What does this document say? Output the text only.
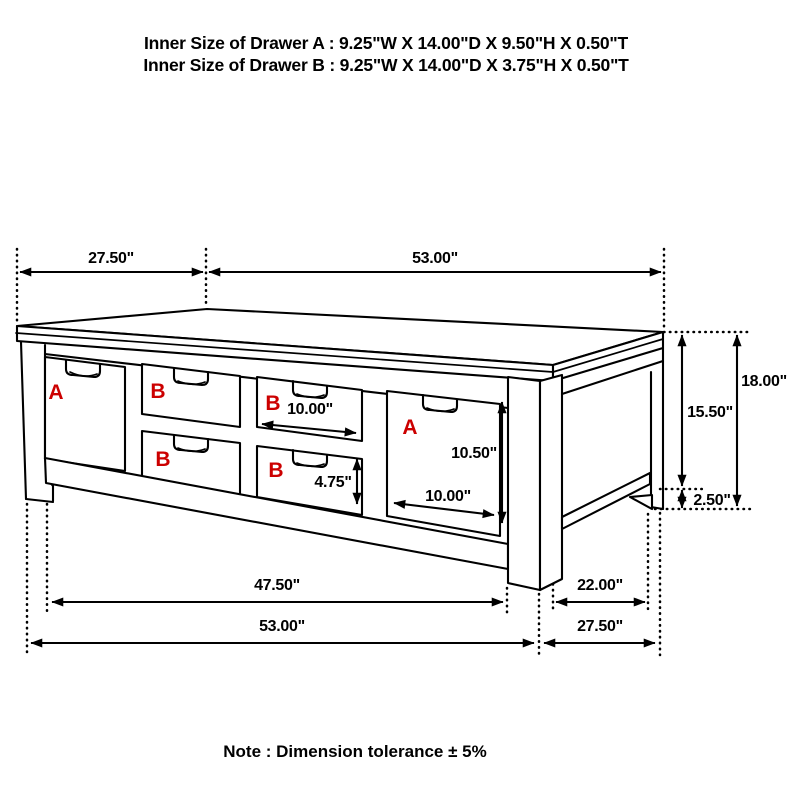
Inner Size of Drawer A : 9.25"W X 14.00"D X 9.50"H X 0.50"T
Inner Size of Drawer B : 9.25"W X 14.00"D X 3.75"H X 0.50"T
27.50"	53.00"
18.00"
15.50"
2.50"
47.50"	22.00"
53.00"	27.50"
10.00"
4.75"
10.50"
10.00"
A	B
B
B
B
A
Note : Dimension tolerance ± 5%
